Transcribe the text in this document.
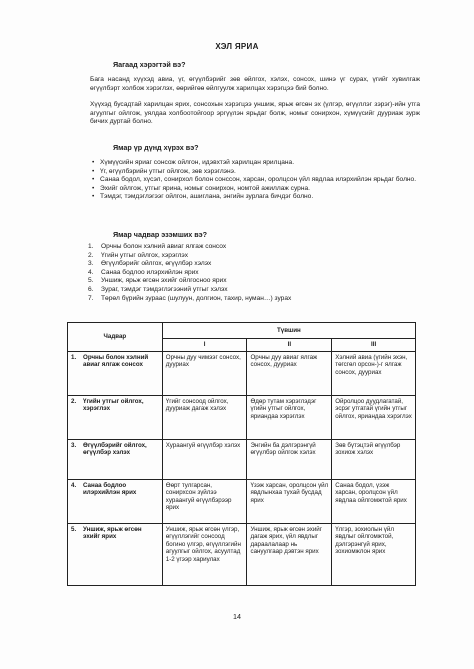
ХЭЛ ЯРИА
Яагаад хэрэгтэй вэ?

Бага насанд хүүхэд авиа, үг, өгүүлбэрийг зөв өйлгох, хэлэх, сонсох, шинэ үг сурах, үгийг хувилгаж өгүүлбэрт холбож хэрэглэх, өөрийгөө өйлгуулж харилцах хэрэгцээ бий болно.

Хүүхэд бусадтай харилцан ярих, сонсохын хэрэгцээ уншиж, ярьж өгсөн эх (үлгэр, өгүүллэг зэрэг)-ийн утга агуулгыг ойлгож, уялдаа холбоотойгоор эргүүлэн ярьдаг болж, номыг сонирхон, хүмүүсийг дууриаж зурж бичих дуртай болно.

Ямар үр дүнд хүрэх вэ?
• Хүмүүсийн яриаг сонсож ойлгон, идэвхтэй харилцан ярилцана.
• Үг, өгүүлбэрийн утгыг ойлгож, зөв хэрэглэнэ.
• Санаа бодол, хүсэл, сонирхол болон сонссон, харсан, оролцсон үйл явдлаа илэрхийлэн ярьдаг болно.
• Эхийг ойлгож, утгыг ярина, номыг сонирхон, номтой ажиллаж сурна.
• Тэмдэг, тэмдэглэгээг ойлгон, ашиглана, энгийн зурлага бичдэг болно.
Ямар чадвар эзэмших вэ?
1. Орчны болон хэлний авиаг ялгаж сонсох
2. Үгийн утгыг ойлгох, хэрэглэх
3. Өгүүлбэрийг ойлгох, өгүүлбэр хэлэх
4. Санаа бодлоо илэрхийлэн ярих
5. Уншиж, ярьж өгсөн эхийг ойлгосноо ярих
6. Зураг, тэмдэг тэмдэглэгээний утгыг хэлэх
7. Төрөл бүрийн зураас (шулуун, долгион, тахир, нуман…) зурах
Чадвар	Түвшин		
	I	II	III

1. Орчны болон хэлний авиаг ялгаж сонсох	Орчны дуу чимээг сонсох, дууриах	Орчны дуу авиаг ялгаж сонсох, дууриах	Хэлний авиа (үгийн эхэн, төгсгөл орсон-)-г ялгаж сонсох, дууриах

2. Үгийн утгыг ойлгох, хэрэглэх	Үгийг сонсоод ойлгох, дууриаж дагаж хэлэх	Өдөр тутам хэрэглэдэг үгийн утгыг ойлгох, яриандаа хэрэглэх	Ойролцоо дуудлагатай, эсрэг утгатай үгийн утгыг ойлгох, яриандаа хэрэглэх

3. Өгүүлбэрийг ойлгох, өгүүлбэр хэлэх	Хураангуй өгүүлбэр хэлэх	Энгийн ба дэлгэрэнгүй өгүүлбэр ойлгож хэлэх	Зөв бүтэцтэй өгүүлбэр зохиож хэлэх

4. Санаа бодлоо илэрхийлэн ярих	Өөрт тулгарсан, сонирхсон зүйлээ хураангуй өгүүлбэрээр ярих	Үзэж харсан, оролцсон үйл явдлынхаа тухай бусдад ярих	Санаа бодол, үзэж харсан, оролцсон үйл явдлаа ойлгомжтой ярих

5. Уншиж, ярьж өгсөн эхийг ярих	Уншиж, ярьж өгсөн үлгэр, өгүүллэгийг сонсоод богино үлгэр, өгүүллэгийн агуулгыг ойлгох, асуултад 1-2 үгээр хариулах	Уншиж, ярьж өгсөн эхийг дагаж ярих, үйл явдлыг дараалалаар нь сануулгаар дэвтэн ярих	Үлгэр, зохиолын үйл явдлыг ойлгомжтой, дэлгэрэнгүй ярих, зохиомжлон ярих
14
